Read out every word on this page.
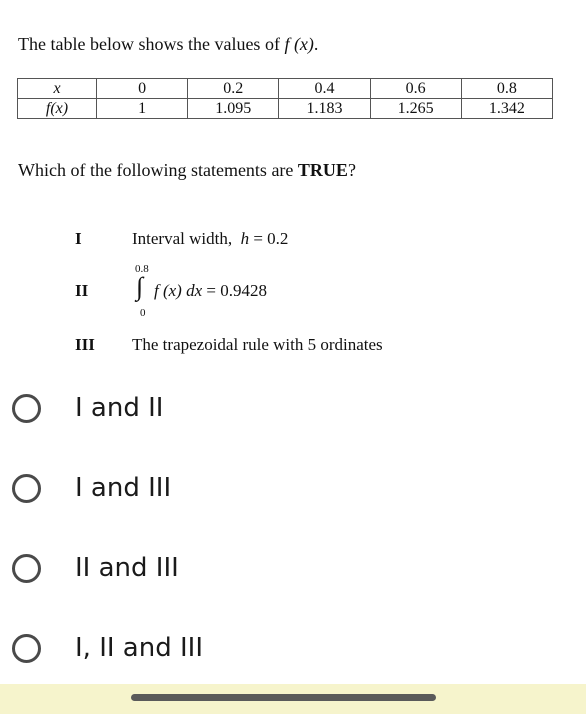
The table below shows the values of f (x).
x	0	0.2	0.4	0.6	0.8
f(x)	1	1.095	1.183	1.265	1.342
Which of the following statements are TRUE?
I	Interval width, h = 0.2
II
0.8
∫
0
f (x) dx = 0.9428
III The trapezoidal rule with 5 ordinates
I and II
I and III
II and III
I, II and III
